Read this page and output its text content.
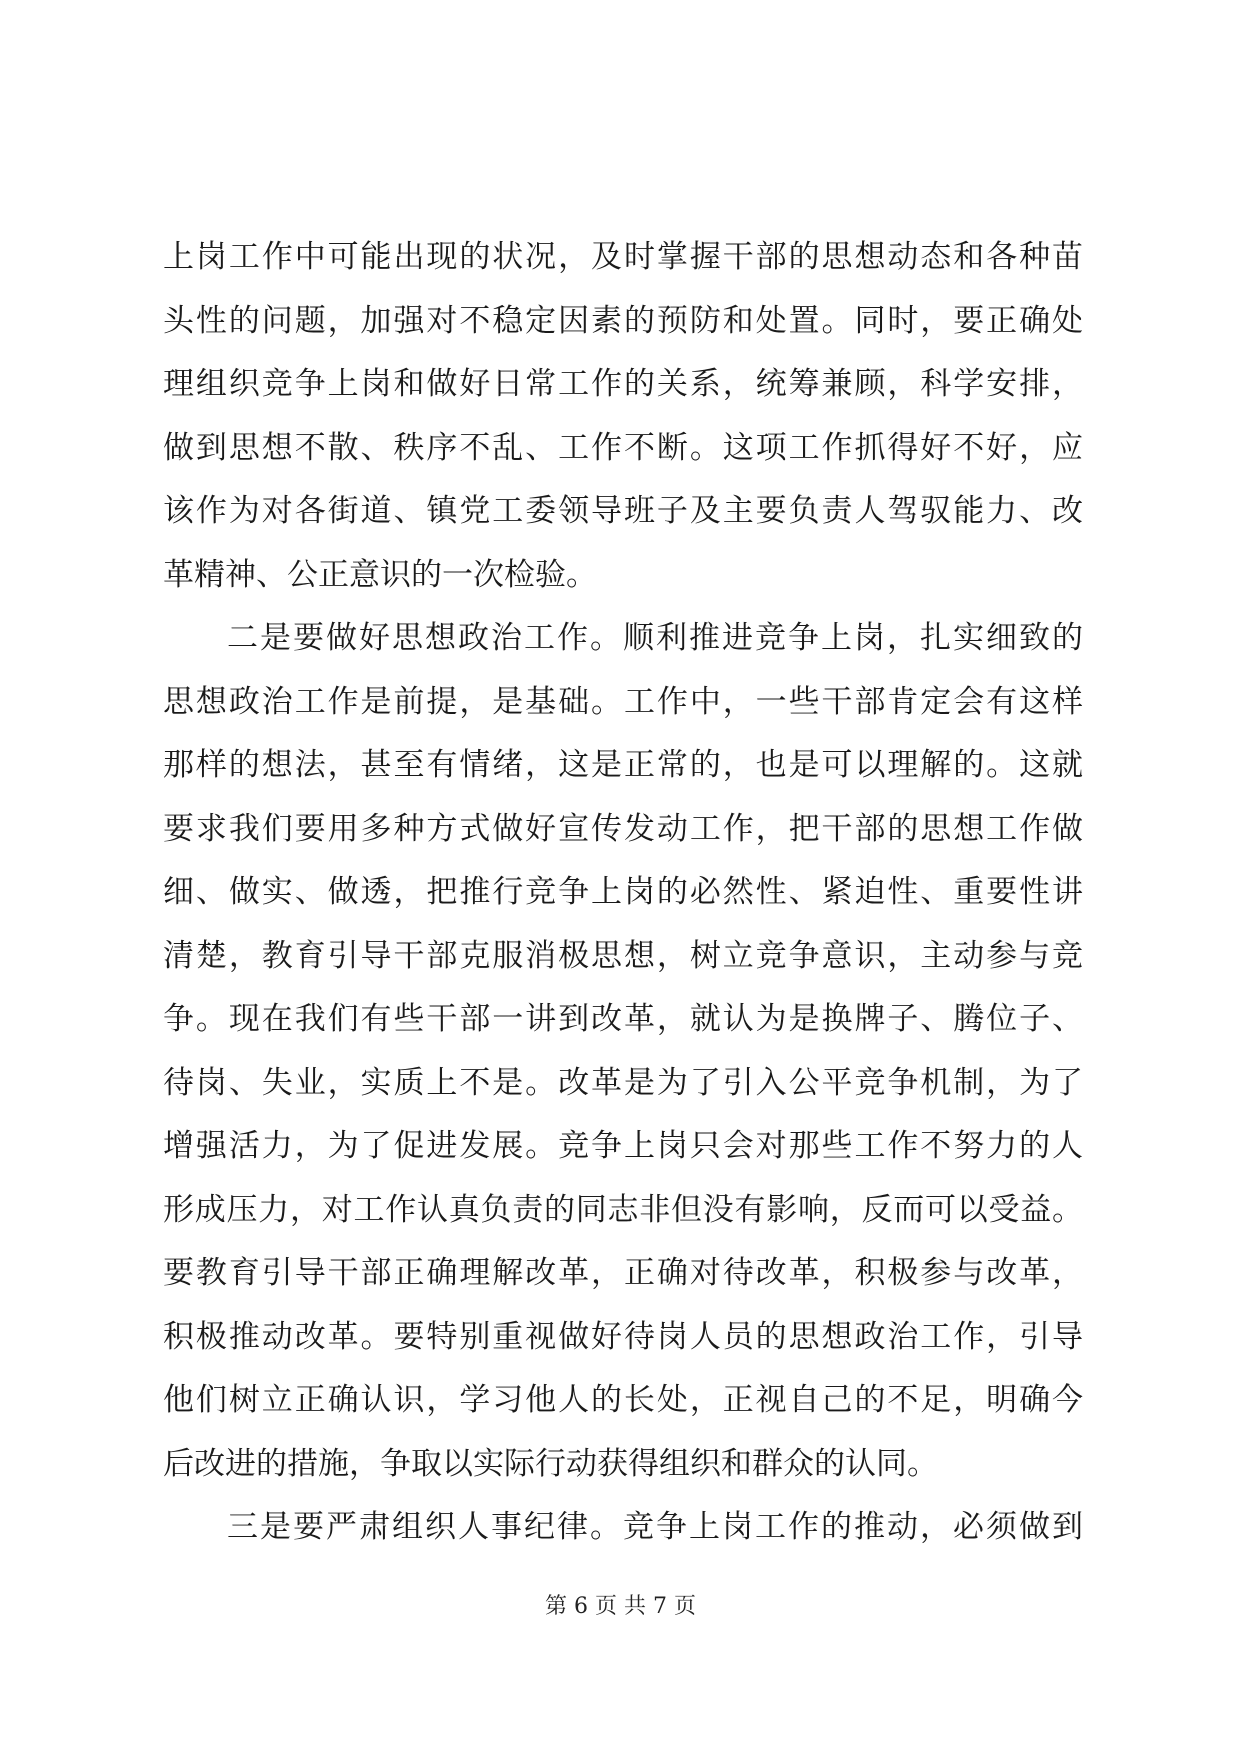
上岗工作中可能出现的状况，及时掌握干部的思想动态和各种苗
头性的问题，加强对不稳定因素的预防和处置。同时，要正确处
理组织竞争上岗和做好日常工作的关系，统筹兼顾，科学安排，
做到思想不散、秩序不乱、工作不断。这项工作抓得好不好，应
该作为对各街道、镇党工委领导班子及主要负责人驾驭能力、改
革精神、公正意识的一次检验。
二是要做好思想政治工作。顺利推进竞争上岗，扎实细致的
思想政治工作是前提，是基础。工作中，一些干部肯定会有这样
那样的想法，甚至有情绪，这是正常的，也是可以理解的。这就
要求我们要用多种方式做好宣传发动工作，把干部的思想工作做
细、做实、做透，把推行竞争上岗的必然性、紧迫性、重要性讲
清楚，教育引导干部克服消极思想，树立竞争意识，主动参与竞
争。现在我们有些干部一讲到改革，就认为是换牌子、腾位子、
待岗、失业，实质上不是。改革是为了引入公平竞争机制，为了
增强活力，为了促进发展。竞争上岗只会对那些工作不努力的人
形成压力，对工作认真负责的同志非但没有影响，反而可以受益。
要教育引导干部正确理解改革，正确对待改革，积极参与改革，
积极推动改革。要特别重视做好待岗人员的思想政治工作，引导
他们树立正确认识，学习他人的长处，正视自己的不足，明确今
后改进的措施，争取以实际行动获得组织和群众的认同。
三是要严肃组织人事纪律。竞争上岗工作的推动，必须做到
第 6 页 共 7 页
